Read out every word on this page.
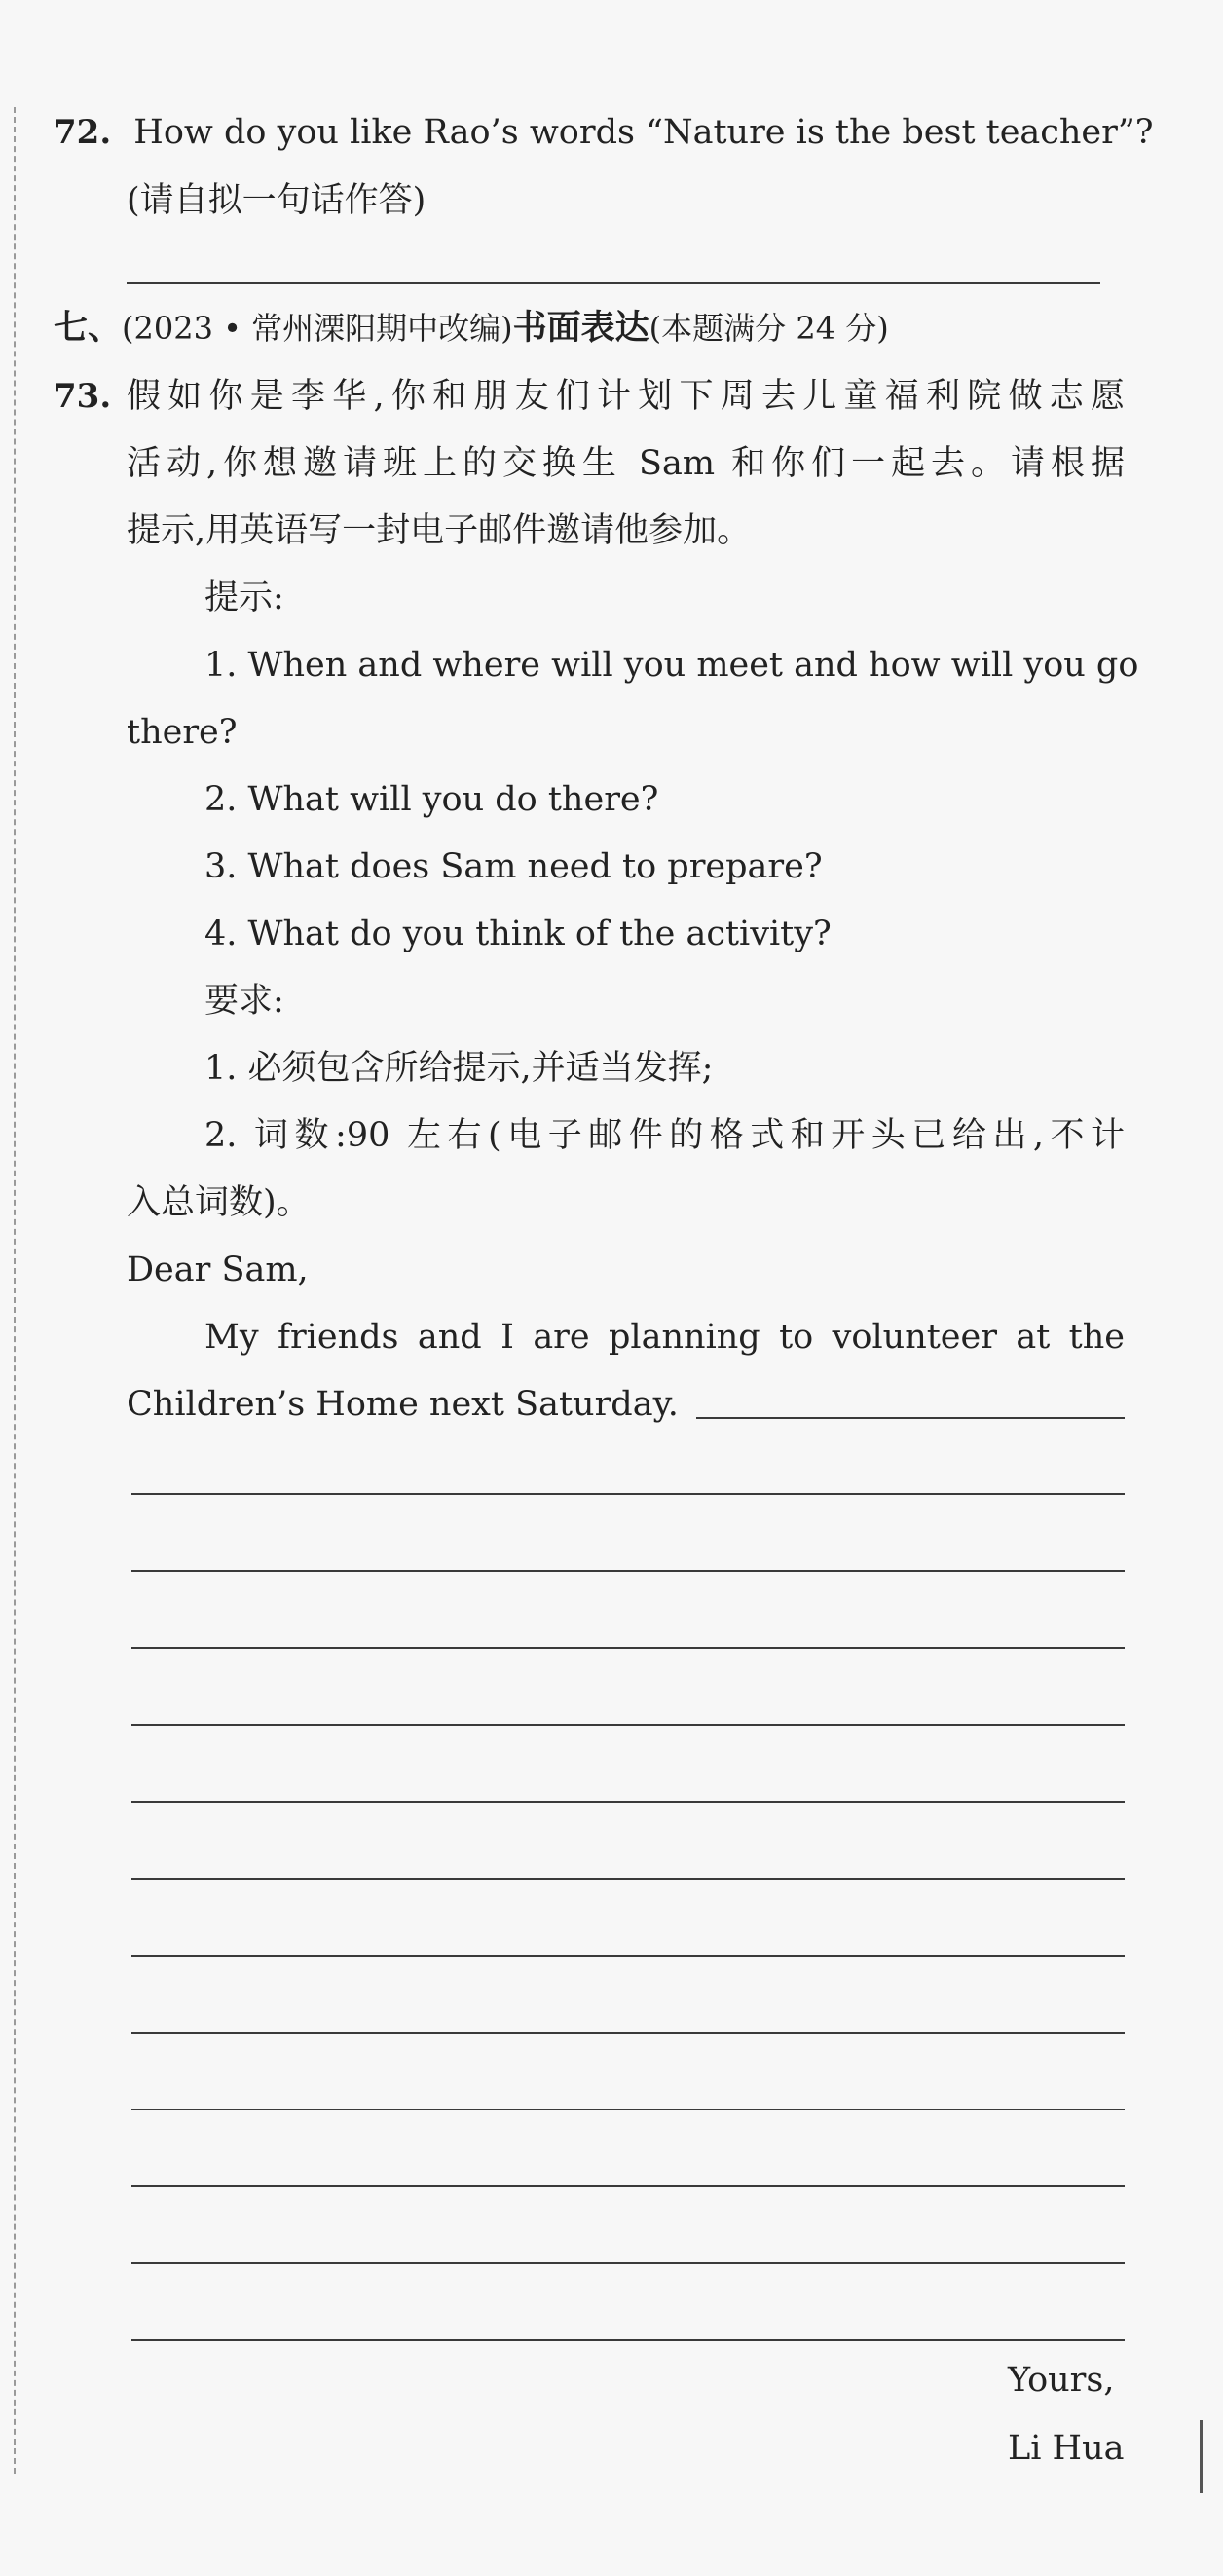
72. How do you like Rao’s words “Nature is the best teacher”?
(请自拟一句话作答)
七、(2023 • 常州溧阳期中改编)书面表达(本题满分 24 分)
73. 假如你是李华,你和朋友们计划下周去儿童福利院做志愿
活动,你想邀请班上的交换生 Sam 和你们一起去。请根据
提示,用英语写一封电子邮件邀请他参加。
提示:
1. When and where will you meet and how will you go
there?
2. What will you do there?
3. What does Sam need to prepare?
4. What do you think of the activity?
要求:
1. 必须包含所给提示,并适当发挥;
2. 词数:90 左右(电子邮件的格式和开头已给出,不计
入总词数)。
Dear Sam,
My friends and I are planning to volunteer at the
Children’s Home next Saturday.
Yours,
Li Hua
